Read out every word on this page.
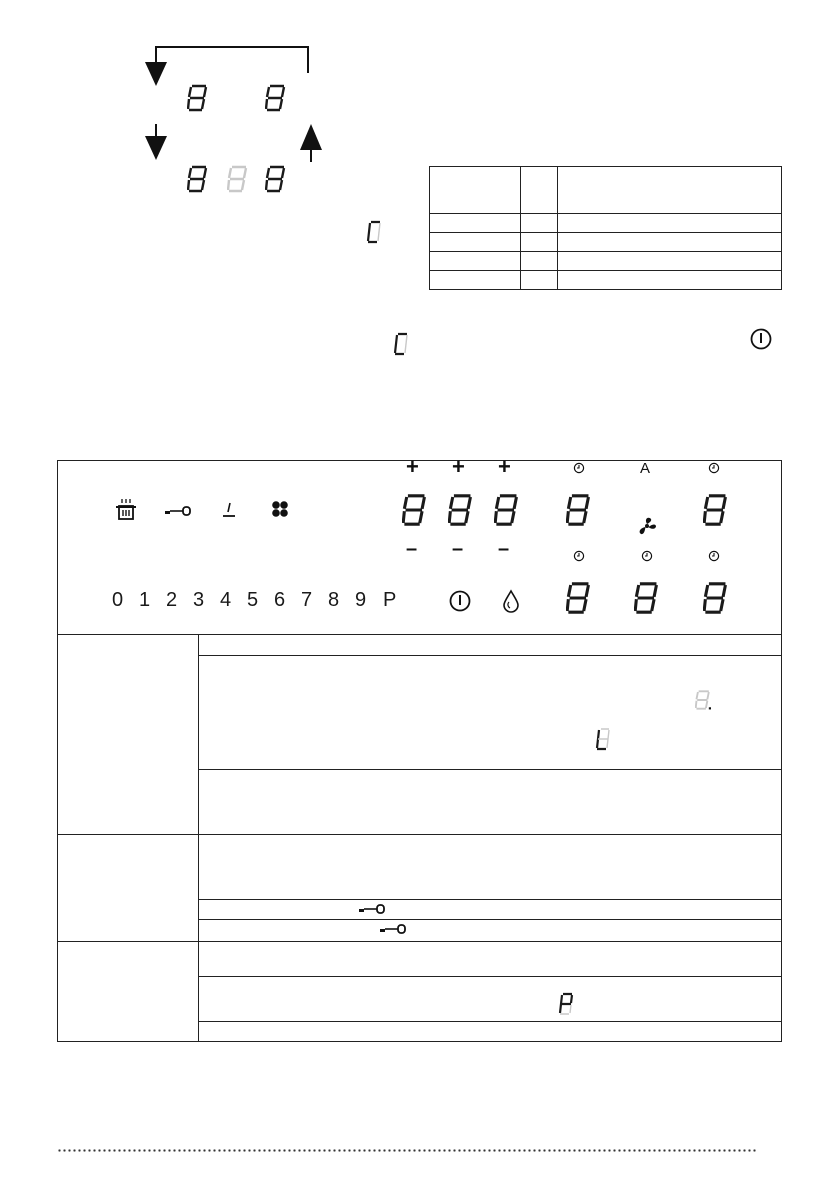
+ + +
– – –
A
0 1 2 3 4 5 6 7 8 9 P
